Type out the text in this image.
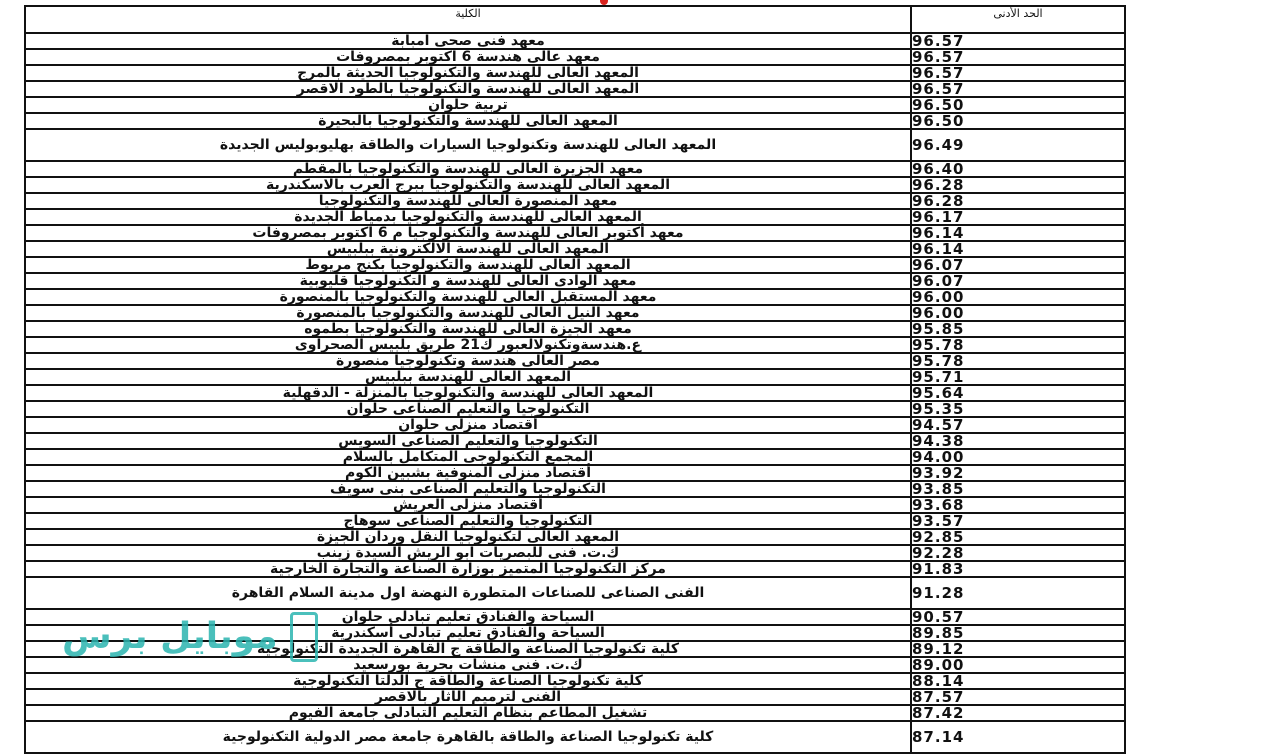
الكلية	الحد الأدنى
معهد فنى صحى امبابة	96.57
معهد عالى هندسة 6 اكتوبر بمصروفات	96.57
المعهد العالى للهندسة والتكنولوجيا الحديثة بالمرج	96.57
المعهد العالى للهندسة والتكنولوجيا بالطود الاقصر	96.57
تربية حلوان	96.50
المعهد العالى للهندسة والتكنولوجيا بالبحيرة	96.50
المعهد العالى للهندسة وتكنولوجيا السيارات والطاقة بهليوبوليس الجديدة	96.49
معهد الجزيرة العالى للهندسة والتكنولوجيا بالمقطم	96.40
المعهد العالى للهندسة والتكنولوجيا ببرج العرب بالاسكندرية	96.28
معهد المنصورة العالى للهندسة والتكنولوجيا	96.28
المعهد العالى للهندسة والتكنولوجيا بدمياط الجديدة	96.17
معهد أكتوبر العالى للهندسة والتكنولوجيا م 6 اكتوبر بمصروفات	96.14
المعهد العالى للهندسة الالكترونية ببلبيس	96.14
المعهد العالى للهندسة والتكنولوجيا بكنج مريوط	96.07
معهد الوادى العالى للهندسة و التكنولوجيا قليوبية	96.07
معهد المستقبل العالى للهندسة والتكنولوجيا بالمنصورة	96.00
معهد النيل العالى للهندسة والتكنولوجيا بالمنصورة	96.00
معهد الجيزة العالى للهندسة والتكنولوجيا بطموه	95.85
ع.هندسةوتكنولالعبور ك21 طريق بلبيس الصحراوى	95.78
مصر العالى هندسة وتكنولوجيا منصورة	95.78
المعهد العالى للهندسة ببلبيس	95.71
المعهد العالى للهندسة والتكنولوجيا بالمنزلة - الدقهلية	95.64
التكنولوجيا والتعليم الصناعى حلوان	95.35
أقتصاد منزلى حلوان	94.57
التكنولوجيا والتعليم الصناعى السويس	94.38
المجمع التكنولوجى المتكامل بالسلام	94.00
أقتصاد منزلى المنوفية بشبين الكوم	93.92
التكنولوجيا والتعليم الصناعى بنى سويف	93.85
أقتصاد منزلى العريش	93.68
التكنولوجيا والتعليم الصناعى سوهاج	93.57
المعهد العالى لتكنولوجيا النقل وردان الجيزة	92.85
ك.ت. فنى للبصريات ابو الريش السيدة زينب	92.28
مركز التكنولوجيا المتميز بوزارة الصناعة والتجارة الخارجية	91.83
الفنى الصناعى للصناعات المتطورة النهضة اول مدينة السلام القاهرة	91.28
السياحة والفنادق تعليم تبادلى حلوان	90.57
السياحة والفنادق تعليم تبادلى أسكندرية	89.85
كلية تكنولوجيا الصناعة والطاقة ج القاهرة الجديدة التكنولوجية	89.12
ك.ت. فنى منشآت بحرية بورسعيد	89.00
كلية تكنولوجيا الصناعة والطاقة ج الدلتا التكنولوجية	88.14
الفنى لترميم الآثار بالاقصر	87.57
تشغيل المطاعم بنظام التعليم التبادلى جامعة الفيوم	87.42
كلية تكنولوجيا الصناعة والطاقة بالقاهرة جامعة مصر الدولية التكنولوجية	87.14
موبايل برس
